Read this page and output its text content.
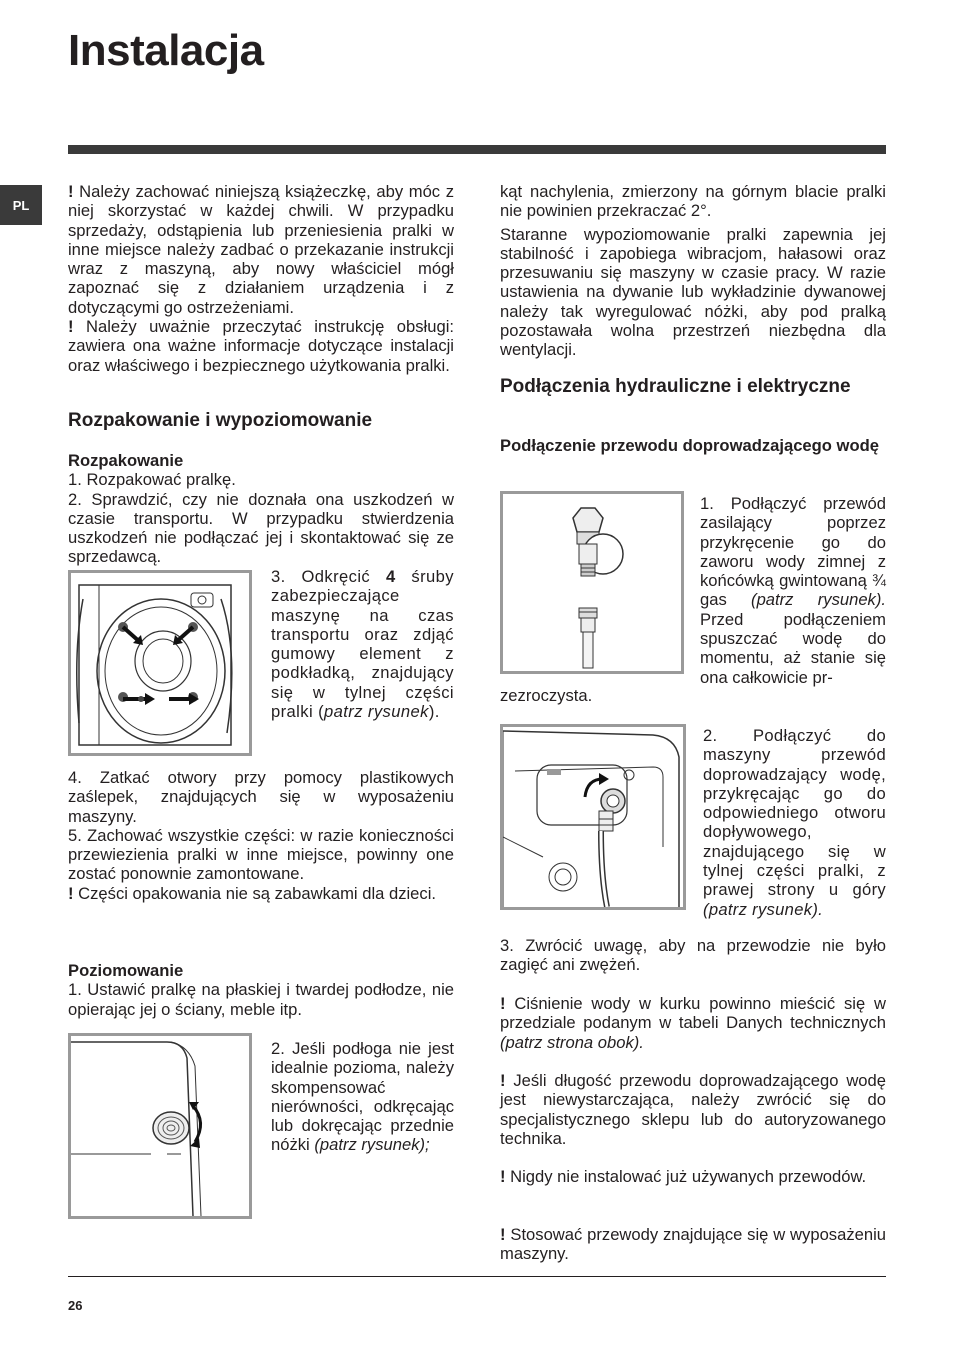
Instalacja
PL

! Należy zachować niniejszą książeczkę, aby móc z niej skorzystać w każdej chwili. W przypadku sprzedaży, odstąpienia lub przeniesienia pralki w inne miejsce należy zadbać o przekazanie instrukcji wraz z maszyną, aby nowy właściciel mógł zapoznać się z działaniem urządzenia i z dotyczącymi go ostrzeżeniami.

! Należy uważnie przeczytać instrukcję obsługi: zawiera ona ważne informacje dotyczące instalacji oraz właściwego i bezpiecznego użytkowania pralki.

Rozpakowanie i wypoziomowanie
Rozpakowanie

1. Rozpakować pralkę.

2. Sprawdzić, czy nie doznała ona uszkodzeń w czasie transportu. W przypadku stwierdzenia uszkodzeń nie podłączać jej i skontaktować się ze sprzedawcą.

3. Odkręcić 4 śruby zabezpieczające maszynę na czas transportu oraz zdjąć gumowy element z podkładką, znajdujący się w tylnej części pralki (patrz rysunek).

4. Zatkać otwory przy pomocy plastikowych zaślepek, znajdujących się w wyposażeniu maszyny.

5. Zachować wszystkie części: w razie konieczności przewiezienia pralki w inne miejsce, powinny one zostać ponownie zamontowane.

! Części opakowania nie są zabawkami dla dzieci.

Poziomowanie

1. Ustawić pralkę na płaskiej i twardej podłodze, nie opierając jej o ściany, meble itp.

2. Jeśli podłoga nie jest idealnie pozioma, należy skompensować nierówności, odkręcając lub dokręcając przednie nóżki (patrz rysunek);

kąt nachylenia, zmierzony na górnym blacie pralki nie powinien przekraczać 2°.

Staranne wypoziomowanie pralki zapewnia jej stabilność i zapobiega wibracjom, hałasowi oraz przesuwaniu się maszyny w czasie pracy. W razie ustawienia na dywanie lub wykładzinie dywanowej należy tak wyregulować nóżki, aby pod pralką pozostawała wolna przestrzeń niezbędna dla wentylacji.

Podłączenia hydrauliczne i elektryczne
Podłączenie przewodu doprowadzającego wodę

1. Podłączyć przewód zasilający poprzez przykręcenie go do zaworu wody zimnej z końcówką gwintowaną ¾ gas (patrz rysunek). Przed podłączeniem spuszczać wodę do momentu, aż stanie się ona całkowicie pr-

zezroczysta.

2. Podłączyć do maszyny przewód doprowadzający wodę, przykręcając go do odpowiedniego otworu dopływowego, znajdującego się w tylnej części pralki, z prawej strony u góry (patrz rysunek).

3. Zwrócić uwagę, aby na przewodzie nie było zagięć ani zwężeń.

! Ciśnienie wody w kurku powinno mieścić się w przedziale podanym w tabeli Danych technicznych (patrz strona obok).

! Jeśli długość przewodu doprowadzającego wodę jest niewystarczająca, należy zwrócić się do specjalistycznego sklepu lub do autoryzowanego technika.

! Nigdy nie instalować już używanych przewodów.

! Stosować przewody znajdujące się w wyposażeniu maszyny.

26
